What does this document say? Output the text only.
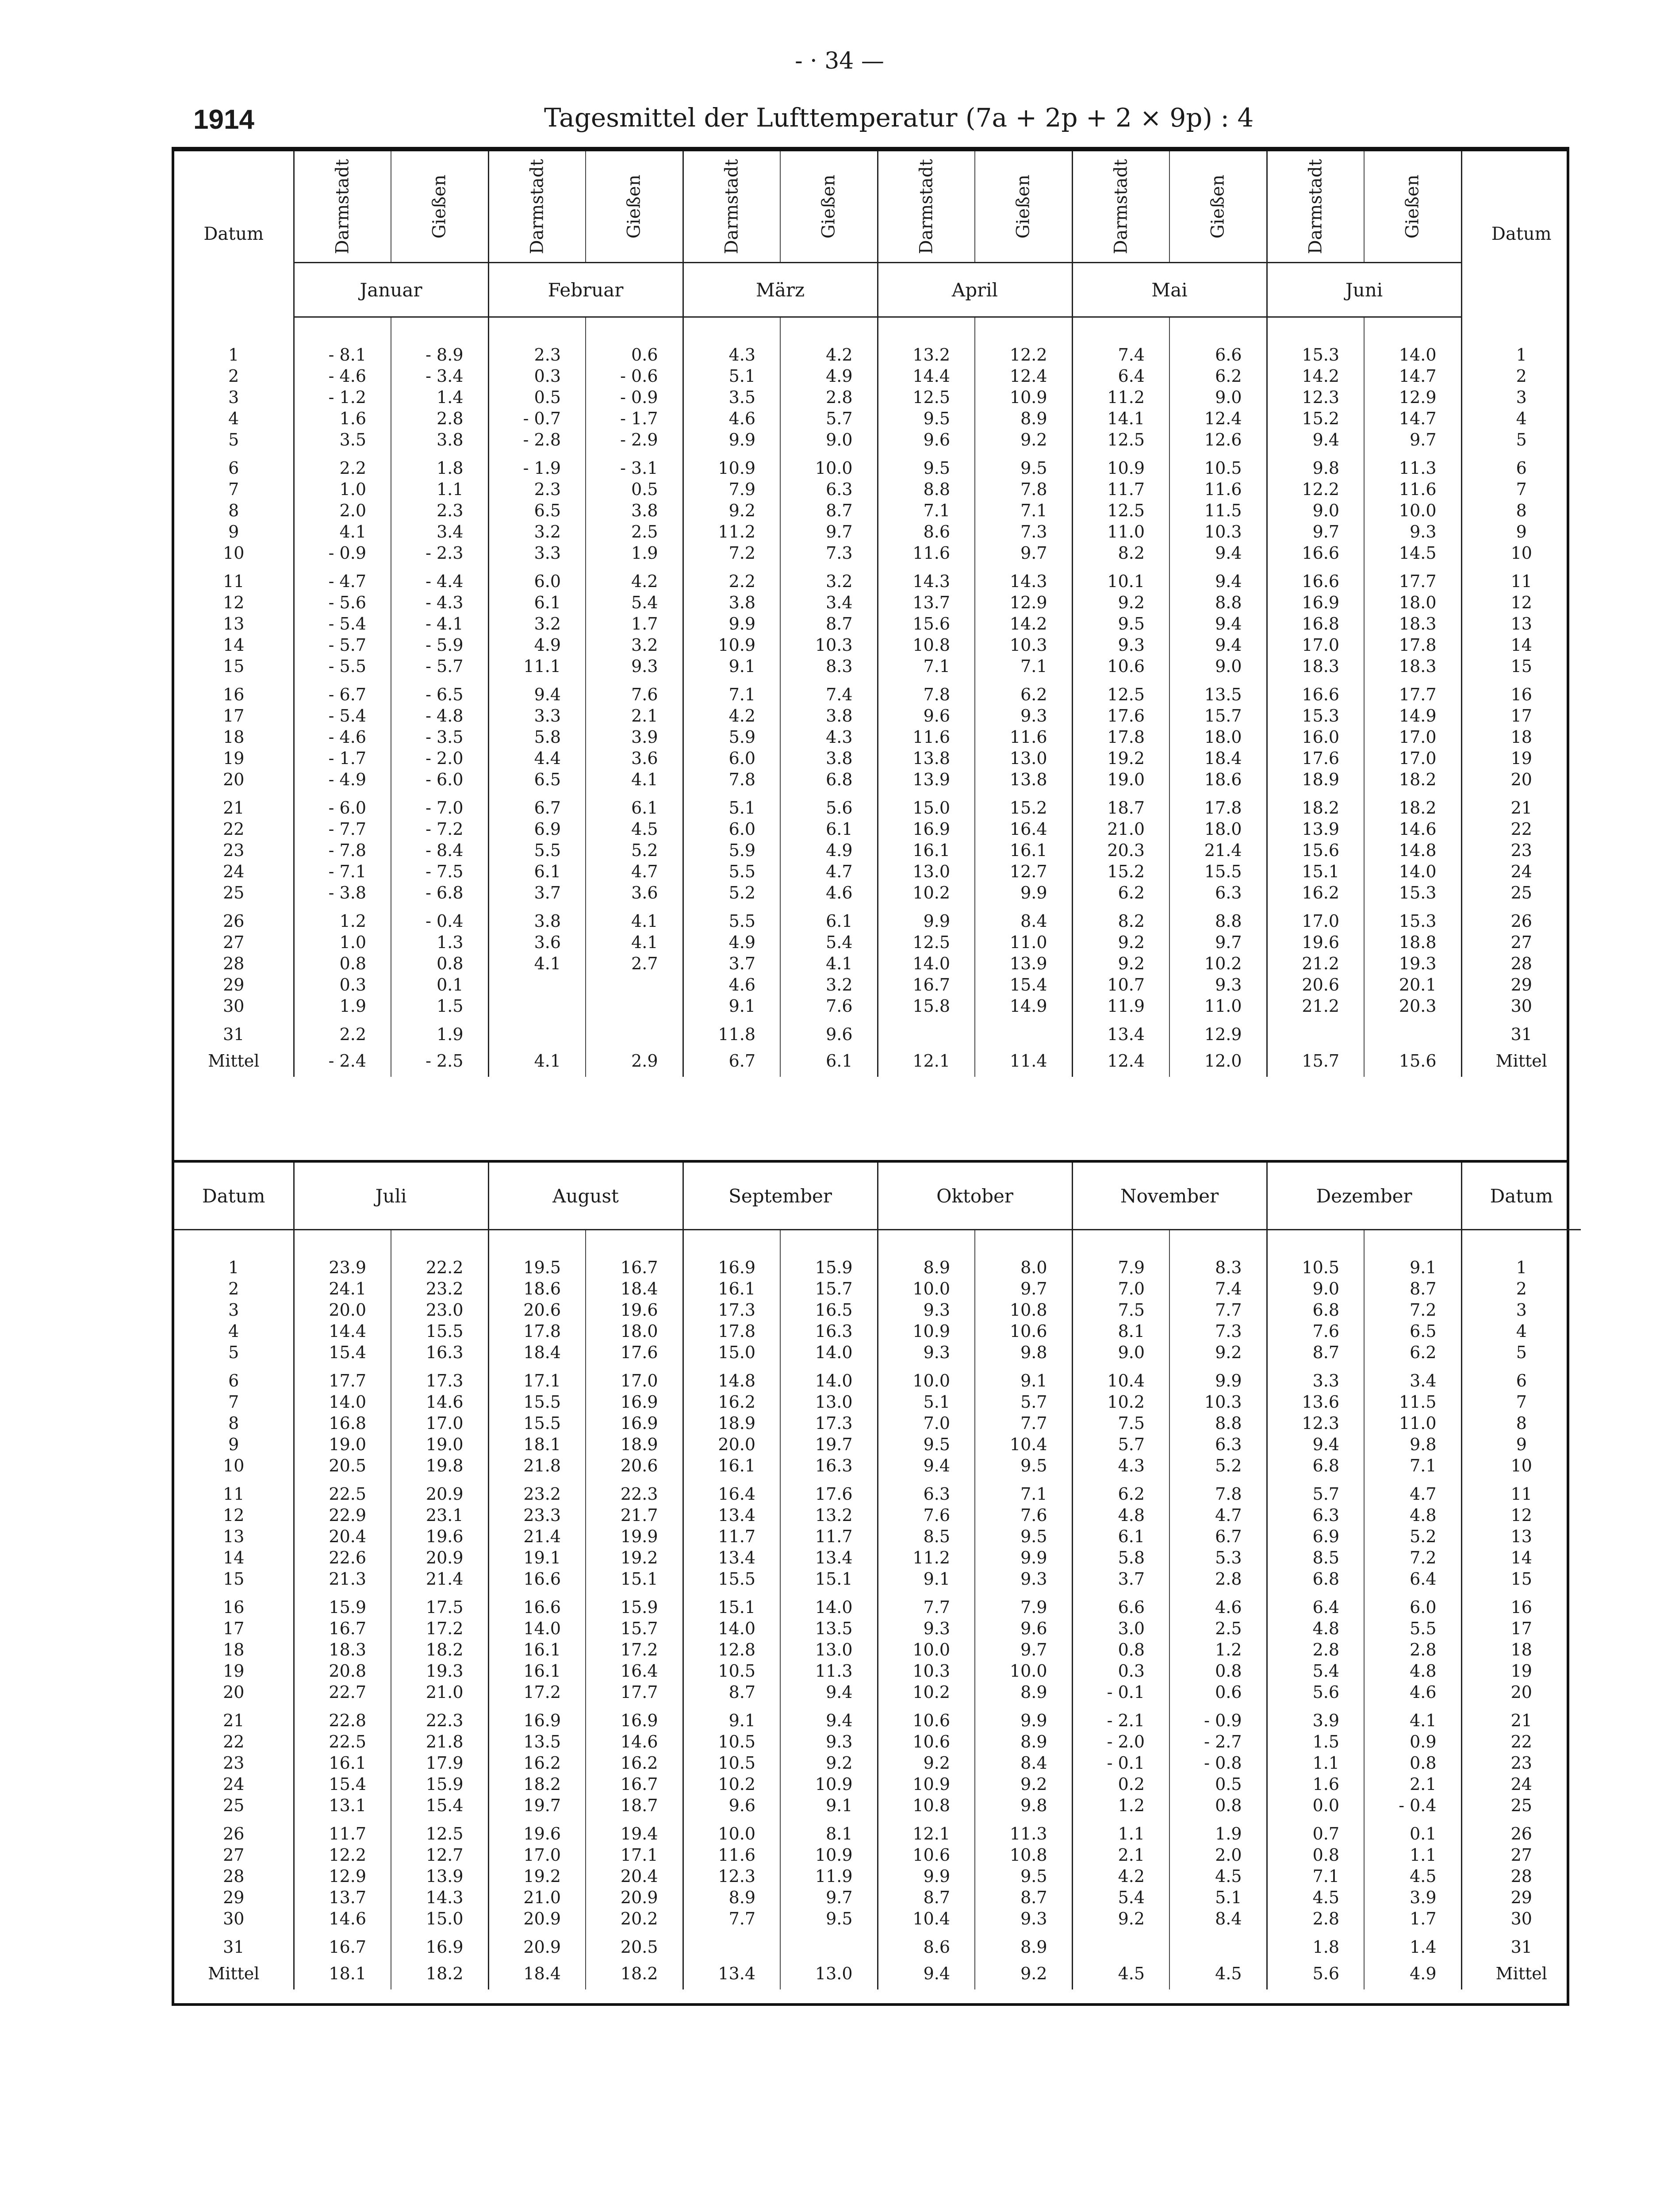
- · 34 —
1914	Tagesmittel der Lufttemperatur (7a + 2p + 2 × 9p) : 4
Datum	Darmstadt	Gießen	Darmstadt	Gießen	Darmstadt	Gießen	Darmstadt	Gießen	Darmstadt	Gießen	Darmstadt	Gießen	Datum
	Januar		Februar		März		April		Mai		Juni		

1	- 8.1	- 8.9	2.3	0.6	4.3	4.2	13.2	12.2	7.4	6.6	15.3	14.0	1
2	- 4.6	- 3.4	0.3	- 0.6	5.1	4.9	14.4	12.4	6.4	6.2	14.2	14.7	2
3	- 1.2	1.4	0.5	- 0.9	3.5	2.8	12.5	10.9	11.2	9.0	12.3	12.9	3
4	1.6	2.8	- 0.7	- 1.7	4.6	5.7	9.5	8.9	14.1	12.4	15.2	14.7	4
5	3.5	3.8	- 2.8	- 2.9	9.9	9.0	9.6	9.2	12.5	12.6	9.4	9.7	5
6	2.2	1.8	- 1.9	- 3.1	10.9	10.0	9.5	9.5	10.9	10.5	9.8	11.3	6
7	1.0	1.1	2.3	0.5	7.9	6.3	8.8	7.8	11.7	11.6	12.2	11.6	7
8	2.0	2.3	6.5	3.8	9.2	8.7	7.1	7.1	12.5	11.5	9.0	10.0	8
9	4.1	3.4	3.2	2.5	11.2	9.7	8.6	7.3	11.0	10.3	9.7	9.3	9
10	- 0.9	- 2.3	3.3	1.9	7.2	7.3	11.6	9.7	8.2	9.4	16.6	14.5	10
11	- 4.7	- 4.4	6.0	4.2	2.2	3.2	14.3	14.3	10.1	9.4	16.6	17.7	11
12	- 5.6	- 4.3	6.1	5.4	3.8	3.4	13.7	12.9	9.2	8.8	16.9	18.0	12
13	- 5.4	- 4.1	3.2	1.7	9.9	8.7	15.6	14.2	9.5	9.4	16.8	18.3	13
14	- 5.7	- 5.9	4.9	3.2	10.9	10.3	10.8	10.3	9.3	9.4	17.0	17.8	14
15	- 5.5	- 5.7	11.1	9.3	9.1	8.3	7.1	7.1	10.6	9.0	18.3	18.3	15
16	- 6.7	- 6.5	9.4	7.6	7.1	7.4	7.8	6.2	12.5	13.5	16.6	17.7	16
17	- 5.4	- 4.8	3.3	2.1	4.2	3.8	9.6	9.3	17.6	15.7	15.3	14.9	17
18	- 4.6	- 3.5	5.8	3.9	5.9	4.3	11.6	11.6	17.8	18.0	16.0	17.0	18
19	- 1.7	- 2.0	4.4	3.6	6.0	3.8	13.8	13.0	19.2	18.4	17.6	17.0	19
20	- 4.9	- 6.0	6.5	4.1	7.8	6.8	13.9	13.8	19.0	18.6	18.9	18.2	20
21	- 6.0	- 7.0	6.7	6.1	5.1	5.6	15.0	15.2	18.7	17.8	18.2	18.2	21
22	- 7.7	- 7.2	6.9	4.5	6.0	6.1	16.9	16.4	21.0	18.0	13.9	14.6	22
23	- 7.8	- 8.4	5.5	5.2	5.9	4.9	16.1	16.1	20.3	21.4	15.6	14.8	23
24	- 7.1	- 7.5	6.1	4.7	5.5	4.7	13.0	12.7	15.2	15.5	15.1	14.0	24
25	- 3.8	- 6.8	3.7	3.6	5.2	4.6	10.2	9.9	6.2	6.3	16.2	15.3	25
26	1.2	- 0.4	3.8	4.1	5.5	6.1	9.9	8.4	8.2	8.8	17.0	15.3	26
27	1.0	1.3	3.6	4.1	4.9	5.4	12.5	11.0	9.2	9.7	19.6	18.8	27
28	0.8	0.8	4.1	2.7	3.7	4.1	14.0	13.9	9.2	10.2	21.2	19.3	28
29	0.3	0.1			4.6	3.2	16.7	15.4	10.7	9.3	20.6	20.1	29
30	1.9	1.5			9.1	7.6	15.8	14.9	11.9	11.0	21.2	20.3	30
31	2.2	1.9			11.8	9.6			13.4	12.9			31
Mittel	- 2.4	- 2.5	4.1	2.9	6.7	6.1	12.1	11.4	12.4	12.0	15.7	15.6	Mittel
Datum	Juli		August		September		Oktober		November		Dezember		Datum

1	23.9	22.2	19.5	16.7	16.9	15.9	8.9	8.0	7.9	8.3	10.5	9.1	1
2	24.1	23.2	18.6	18.4	16.1	15.7	10.0	9.7	7.0	7.4	9.0	8.7	2
3	20.0	23.0	20.6	19.6	17.3	16.5	9.3	10.8	7.5	7.7	6.8	7.2	3
4	14.4	15.5	17.8	18.0	17.8	16.3	10.9	10.6	8.1	7.3	7.6	6.5	4
5	15.4	16.3	18.4	17.6	15.0	14.0	9.3	9.8	9.0	9.2	8.7	6.2	5
6	17.7	17.3	17.1	17.0	14.8	14.0	10.0	9.1	10.4	9.9	3.3	3.4	6
7	14.0	14.6	15.5	16.9	16.2	13.0	5.1	5.7	10.2	10.3	13.6	11.5	7
8	16.8	17.0	15.5	16.9	18.9	17.3	7.0	7.7	7.5	8.8	12.3	11.0	8
9	19.0	19.0	18.1	18.9	20.0	19.7	9.5	10.4	5.7	6.3	9.4	9.8	9
10	20.5	19.8	21.8	20.6	16.1	16.3	9.4	9.5	4.3	5.2	6.8	7.1	10
11	22.5	20.9	23.2	22.3	16.4	17.6	6.3	7.1	6.2	7.8	5.7	4.7	11
12	22.9	23.1	23.3	21.7	13.4	13.2	7.6	7.6	4.8	4.7	6.3	4.8	12
13	20.4	19.6	21.4	19.9	11.7	11.7	8.5	9.5	6.1	6.7	6.9	5.2	13
14	22.6	20.9	19.1	19.2	13.4	13.4	11.2	9.9	5.8	5.3	8.5	7.2	14
15	21.3	21.4	16.6	15.1	15.5	15.1	9.1	9.3	3.7	2.8	6.8	6.4	15
16	15.9	17.5	16.6	15.9	15.1	14.0	7.7	7.9	6.6	4.6	6.4	6.0	16
17	16.7	17.2	14.0	15.7	14.0	13.5	9.3	9.6	3.0	2.5	4.8	5.5	17
18	18.3	18.2	16.1	17.2	12.8	13.0	10.0	9.7	0.8	1.2	2.8	2.8	18
19	20.8	19.3	16.1	16.4	10.5	11.3	10.3	10.0	0.3	0.8	5.4	4.8	19
20	22.7	21.0	17.2	17.7	8.7	9.4	10.2	8.9	- 0.1	0.6	5.6	4.6	20
21	22.8	22.3	16.9	16.9	9.1	9.4	10.6	9.9	- 2.1	- 0.9	3.9	4.1	21
22	22.5	21.8	13.5	14.6	10.5	9.3	10.6	8.9	- 2.0	- 2.7	1.5	0.9	22
23	16.1	17.9	16.2	16.2	10.5	9.2	9.2	8.4	- 0.1	- 0.8	1.1	0.8	23
24	15.4	15.9	18.2	16.7	10.2	10.9	10.9	9.2	0.2	0.5	1.6	2.1	24
25	13.1	15.4	19.7	18.7	9.6	9.1	10.8	9.8	1.2	0.8	0.0	- 0.4	25
26	11.7	12.5	19.6	19.4	10.0	8.1	12.1	11.3	1.1	1.9	0.7	0.1	26
27	12.2	12.7	17.0	17.1	11.6	10.9	10.6	10.8	2.1	2.0	0.8	1.1	27
28	12.9	13.9	19.2	20.4	12.3	11.9	9.9	9.5	4.2	4.5	7.1	4.5	28
29	13.7	14.3	21.0	20.9	8.9	9.7	8.7	8.7	5.4	5.1	4.5	3.9	29
30	14.6	15.0	20.9	20.2	7.7	9.5	10.4	9.3	9.2	8.4	2.8	1.7	30
31	16.7	16.9	20.9	20.5			8.6	8.9			1.8	1.4	31
Mittel	18.1	18.2	18.4	18.2	13.4	13.0	9.4	9.2	4.5	4.5	5.6	4.9	Mittel
